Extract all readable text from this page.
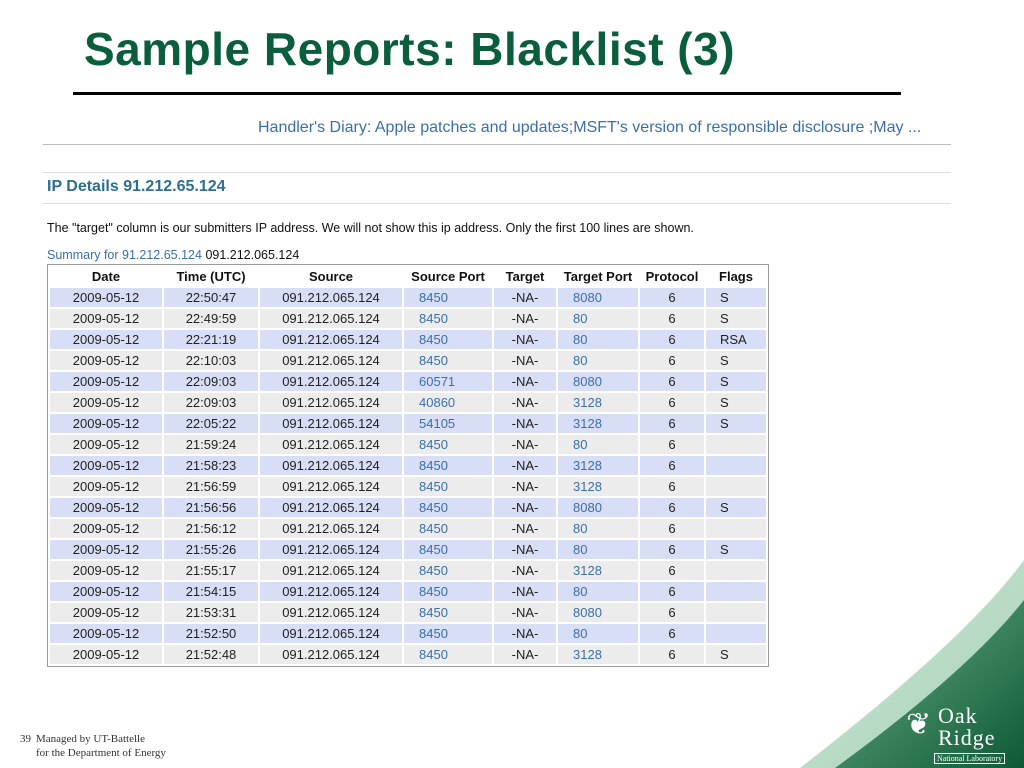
Sample Reports: Blacklist (3)
Handler's Diary: Apple patches and updates;MSFT's version of responsible disclosure ;May ...
IP Details 91.212.65.124
The "target" column is our submitters IP address. We will not show this ip address. Only the first 100 lines are shown.
Summary for 91.212.65.124 091.212.065.124
Date	Time (UTC)	Source	Source Port	Target	Target Port	Protocol	Flags
2009-05-12	22:50:47	091.212.065.124	8450	-NA-	8080	6	S
2009-05-12	22:49:59	091.212.065.124	8450	-NA-	80	6	S
2009-05-12	22:21:19	091.212.065.124	8450	-NA-	80	6	RSA
2009-05-12	22:10:03	091.212.065.124	8450	-NA-	80	6	S
2009-05-12	22:09:03	091.212.065.124	60571	-NA-	8080	6	S
2009-05-12	22:09:03	091.212.065.124	40860	-NA-	3128	6	S
2009-05-12	22:05:22	091.212.065.124	54105	-NA-	3128	6	S
2009-05-12	21:59:24	091.212.065.124	8450	-NA-	80	6	
2009-05-12	21:58:23	091.212.065.124	8450	-NA-	3128	6	
2009-05-12	21:56:59	091.212.065.124	8450	-NA-	3128	6	
2009-05-12	21:56:56	091.212.065.124	8450	-NA-	8080	6	S
2009-05-12	21:56:12	091.212.065.124	8450	-NA-	80	6	
2009-05-12	21:55:26	091.212.065.124	8450	-NA-	80	6	S
2009-05-12	21:55:17	091.212.065.124	8450	-NA-	3128	6	
2009-05-12	21:54:15	091.212.065.124	8450	-NA-	80	6	
2009-05-12	21:53:31	091.212.065.124	8450	-NA-	8080	6	
2009-05-12	21:52:50	091.212.065.124	8450	-NA-	80	6	
2009-05-12	21:52:48	091.212.065.124	8450	-NA-	3128	6	S
39 Managed by UT-Battelle
for the Department of Energy
❦ Oak
Ridge
National Laboratory
